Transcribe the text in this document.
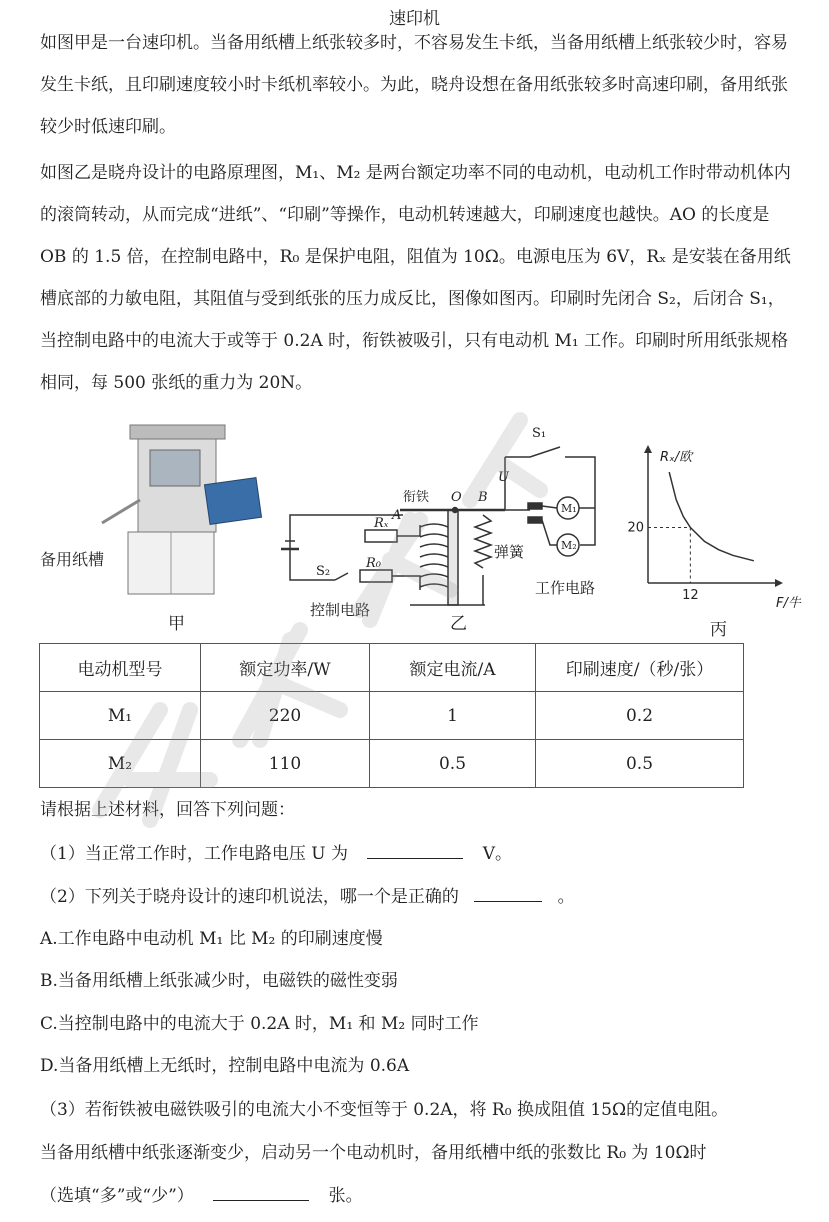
速印机
如图甲是一台速印机。当备用纸槽上纸张较多时，不容易发生卡纸，当备用纸槽上纸张较少时，容易发生卡纸，且印刷速度较小时卡纸机率较小。为此，晓舟设想在备用纸张较多时高速印刷，备用纸张较少时低速印刷。
如图乙是晓舟设计的电路原理图，M₁、M₂ 是两台额定功率不同的电动机，电动机工作时带动机体内的滚筒转动，从而完成“进纸”、“印刷”等操作，电动机转速越大，印刷速度也越快。AO 的长度是 OB 的 1.5 倍，在控制电路中，R₀ 是保护电阻，阻值为 10Ω。电源电压为 6V，Rₓ 是安装在备用纸槽底部的力敏电阻，其阻值与受到纸张的压力成反比，图像如图丙。印刷时先闭合 S₂，后闭合 S₁，当控制电路中的电流大于或等于 0.2A 时，衔铁被吸引，只有电动机 M₁ 工作。印刷时所用纸张规格相同，每 500 张纸的重力为 20N。
备用纸槽
甲
S₁
U
M₁
M₂
衔铁 O
A
B
Rₓ
R₀
S₂
弹簧
控制电路
工作电路
乙
20
12
Rₓ/欧
F/牛
丙
电动机型号	额定功率/W	额定电流/A	印刷速度/（秒/张）
M₁	220	1	0.2
M₂	110	0.5	0.5
请根据上述材料，回答下列问题：
（1）当正常工作时，工作电路电压 U 为	V。
（2）下列关于晓舟设计的速印机说法，哪一个是正确的	。
A.工作电路中电动机 M₁ 比 M₂ 的印刷速度慢
B.当备用纸槽上纸张减少时，电磁铁的磁性变弱
C.当控制电路中的电流大于 0.2A 时，M₁ 和 M₂ 同时工作
D.当备用纸槽上无纸时，控制电路中电流为 0.6A
（3）若衔铁被电磁铁吸引的电流大小不变恒等于 0.2A，将 R₀ 换成阻值 15Ω的定值电阻。
当备用纸槽中纸张逐渐变少，启动另一个电动机时，备用纸槽中纸的张数比 R₀ 为 10Ω时
（选填“多”或“少”）	张。
